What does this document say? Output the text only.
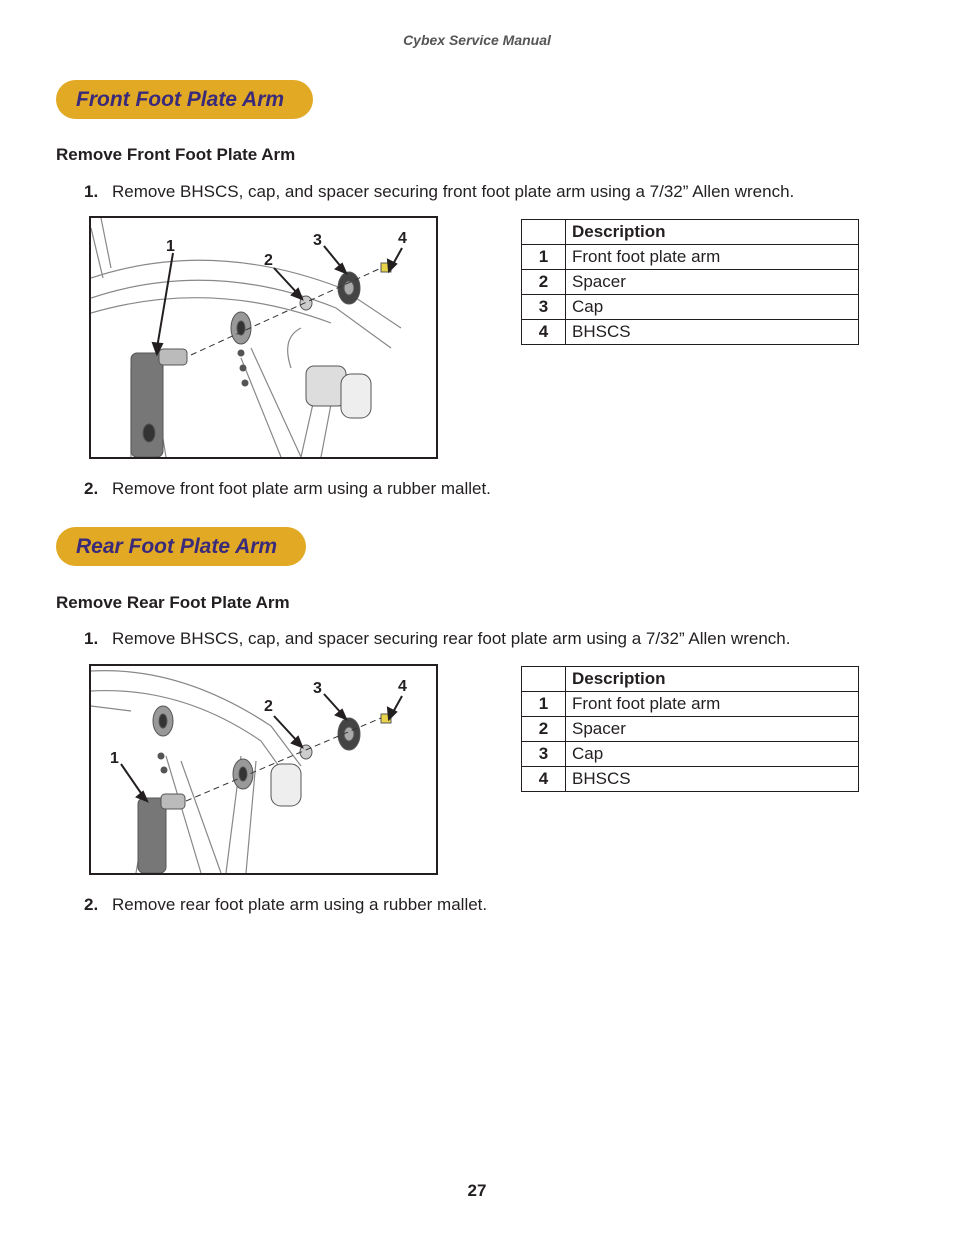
Cybex Service Manual
Front Foot Plate Arm
Remove Front Foot Plate Arm
1. Remove BHSCS, cap, and spacer securing front foot plate arm using a 7/32” Allen wrench.
1
2
3	4
		Description
1	Front foot plate arm
2	Spacer
3	Cap
4	BHSCS
2. Remove front foot plate arm using a rubber mallet.
Rear Foot Plate Arm
Remove Rear Foot Plate Arm
1. Remove BHSCS, cap, and spacer securing rear foot plate arm using a 7/32” Allen wrench.
1
2
3	4
		Description
1	Front foot plate arm
2	Spacer
3	Cap
4	BHSCS
2. Remove rear foot plate arm using a rubber mallet.
27
